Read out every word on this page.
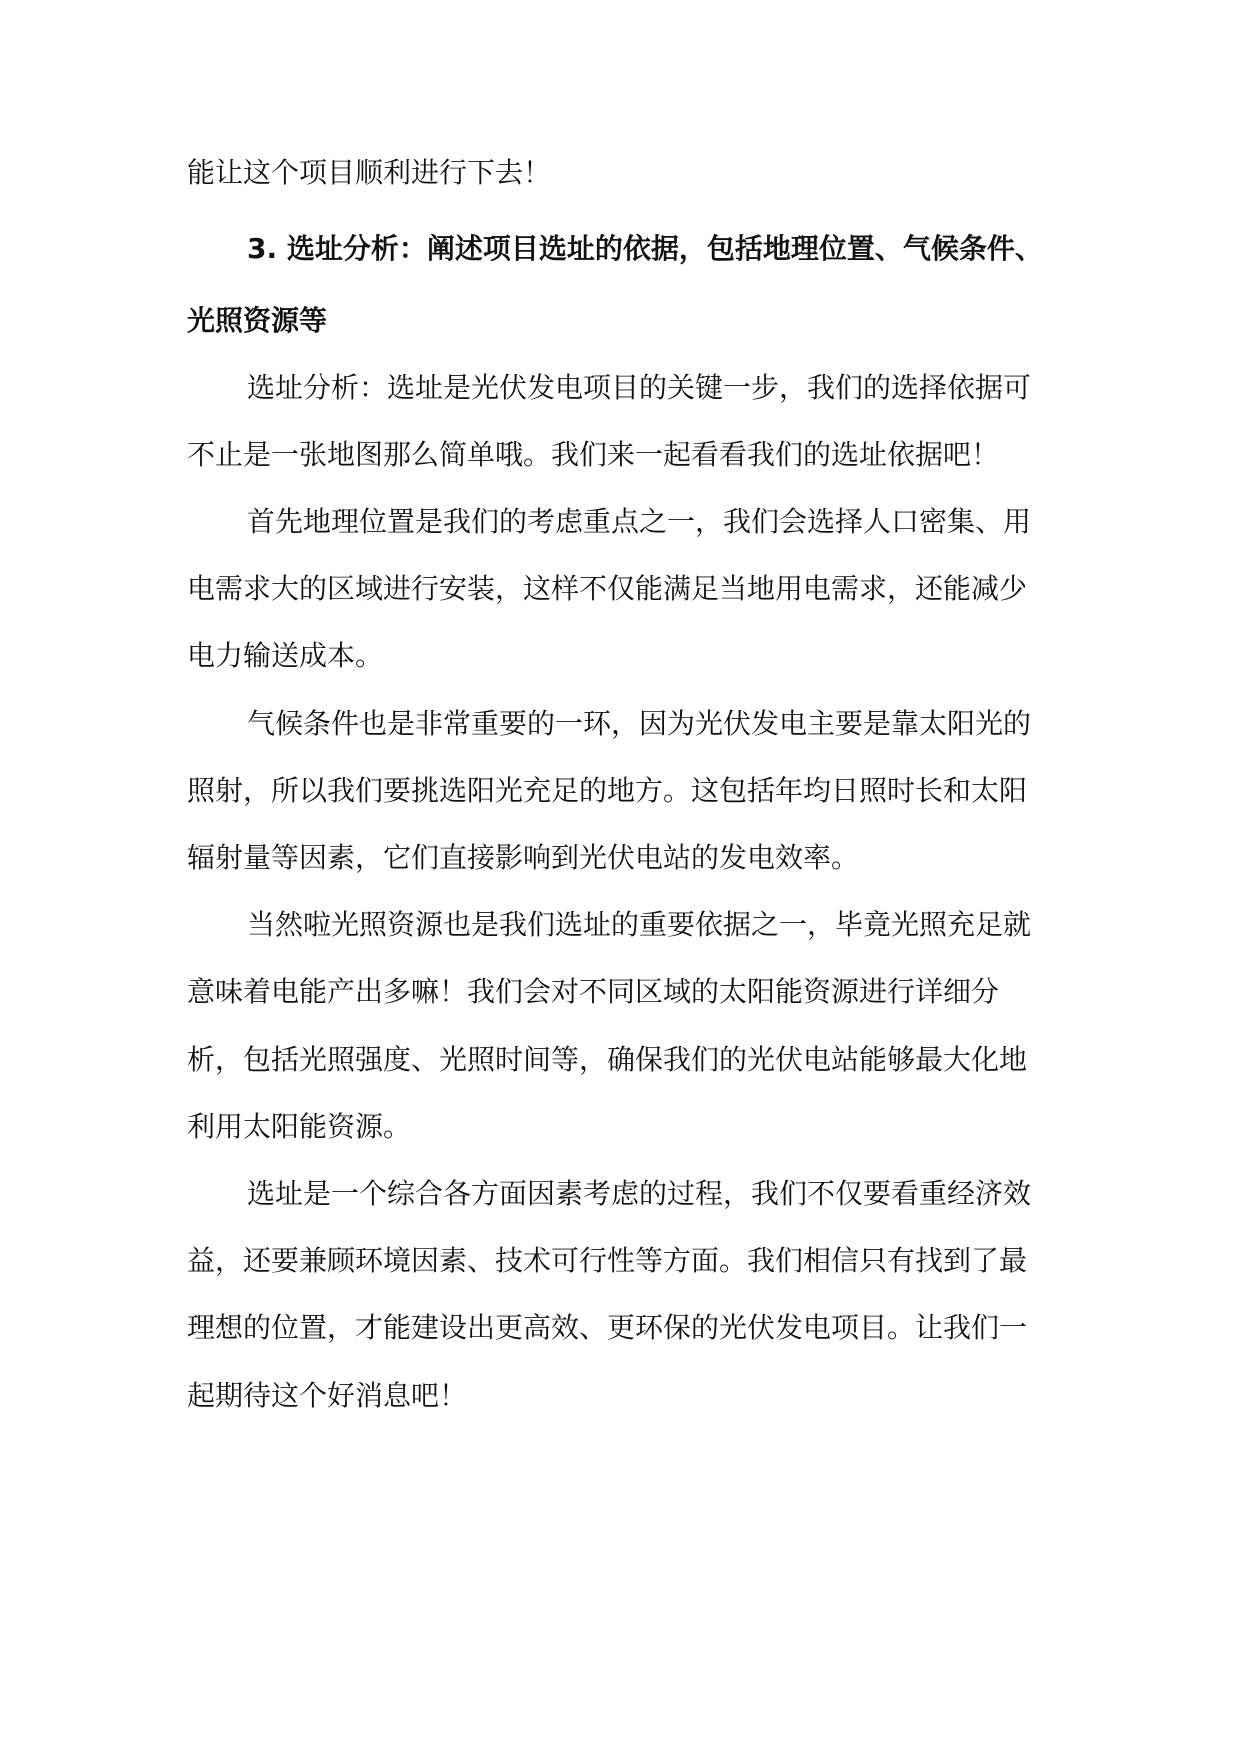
能让这个项目顺利进行下去！
3. 选址分析：阐述项目选址的依据，包括地理位置、气候条件、
光照资源等
选址分析：选址是光伏发电项目的关键一步，我们的选择依据可
不止是一张地图那么简单哦。我们来一起看看我们的选址依据吧！
首先地理位置是我们的考虑重点之一，我们会选择人口密集、用
电需求大的区域进行安装，这样不仅能满足当地用电需求，还能减少
电力输送成本。
气候条件也是非常重要的一环，因为光伏发电主要是靠太阳光的
照射，所以我们要挑选阳光充足的地方。这包括年均日照时长和太阳
辐射量等因素，它们直接影响到光伏电站的发电效率。
当然啦光照资源也是我们选址的重要依据之一，毕竟光照充足就
意味着电能产出多嘛！我们会对不同区域的太阳能资源进行详细分
析，包括光照强度、光照时间等，确保我们的光伏电站能够最大化地
利用太阳能资源。
选址是一个综合各方面因素考虑的过程，我们不仅要看重经济效
益，还要兼顾环境因素、技术可行性等方面。我们相信只有找到了最
理想的位置，才能建设出更高效、更环保的光伏发电项目。让我们一
起期待这个好消息吧！
